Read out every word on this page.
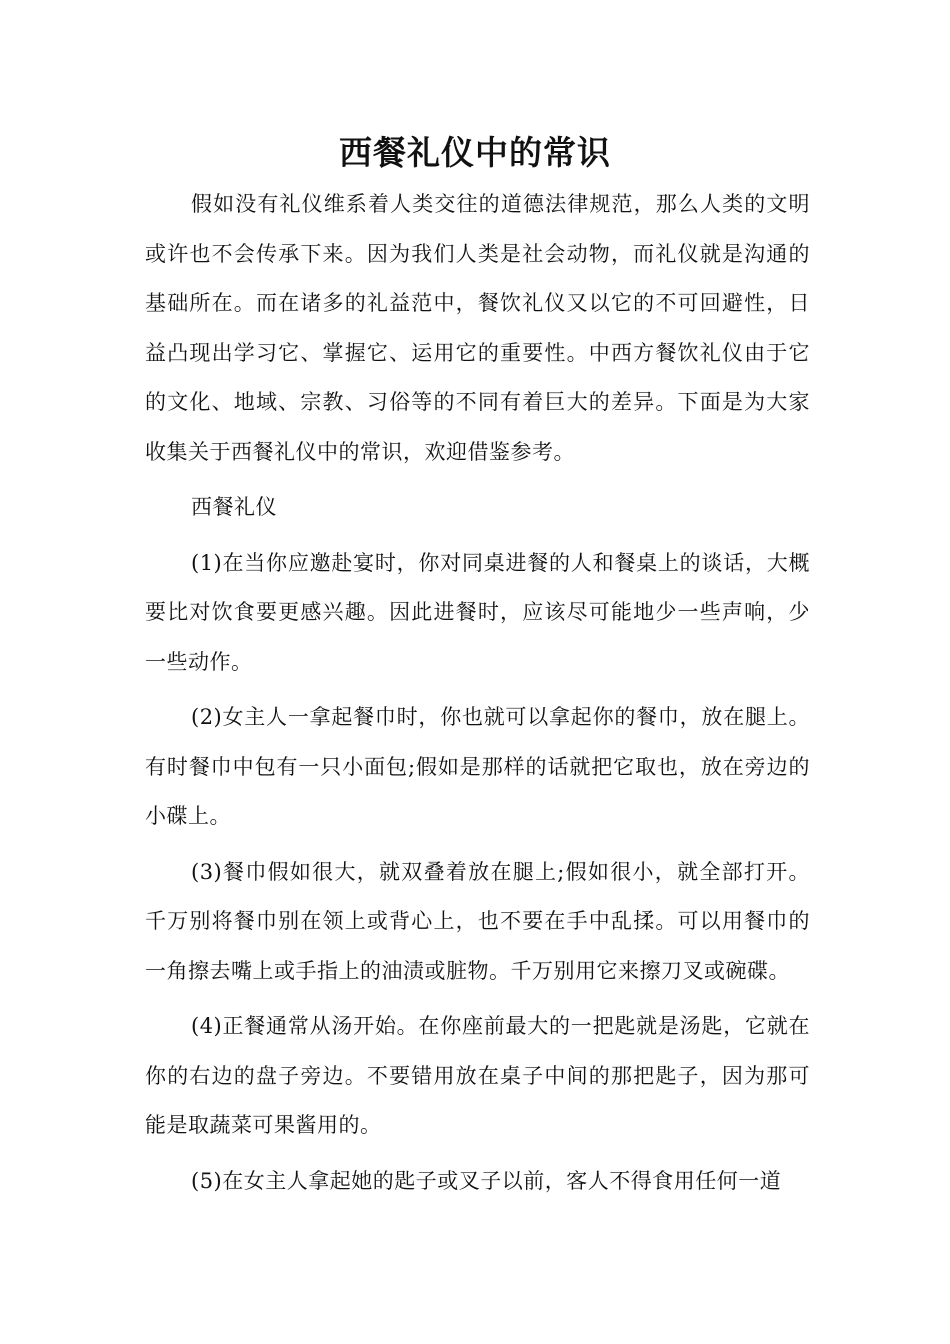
西餐礼仪中的常识

假如没有礼仪维系着人类交往的道德法律规范，那么人类的文明或许也不会传承下来。因为我们人类是社会动物，而礼仪就是沟通的基础所在。而在诸多的礼益范中，餐饮礼仪又以它的不可回避性，日益凸现出学习它、掌握它、运用它的重要性。中西方餐饮礼仪由于它的文化、地域、宗教、习俗等的不同有着巨大的差异。下面是为大家收集关于西餐礼仪中的常识，欢迎借鉴参考。

西餐礼仪

(1)在当你应邀赴宴时，你对同桌进餐的人和餐桌上的谈话，大概要比对饮食要更感兴趣。因此进餐时，应该尽可能地少一些声响，少一些动作。

(2)女主人一拿起餐巾时，你也就可以拿起你的餐巾，放在腿上。有时餐巾中包有一只小面包;假如是那样的话就把它取也，放在旁边的小碟上。

(3)餐巾假如很大，就双叠着放在腿上;假如很小，就全部打开。千万别将餐巾别在领上或背心上，也不要在手中乱揉。可以用餐巾的一角擦去嘴上或手指上的油渍或脏物。千万别用它来擦刀叉或碗碟。

(4)正餐通常从汤开始。在你座前最大的一把匙就是汤匙，它就在你的右边的盘子旁边。不要错用放在桌子中间的那把匙子，因为那可能是取蔬菜可果酱用的。

(5)在女主人拿起她的匙子或叉子以前，客人不得食用任何一道
